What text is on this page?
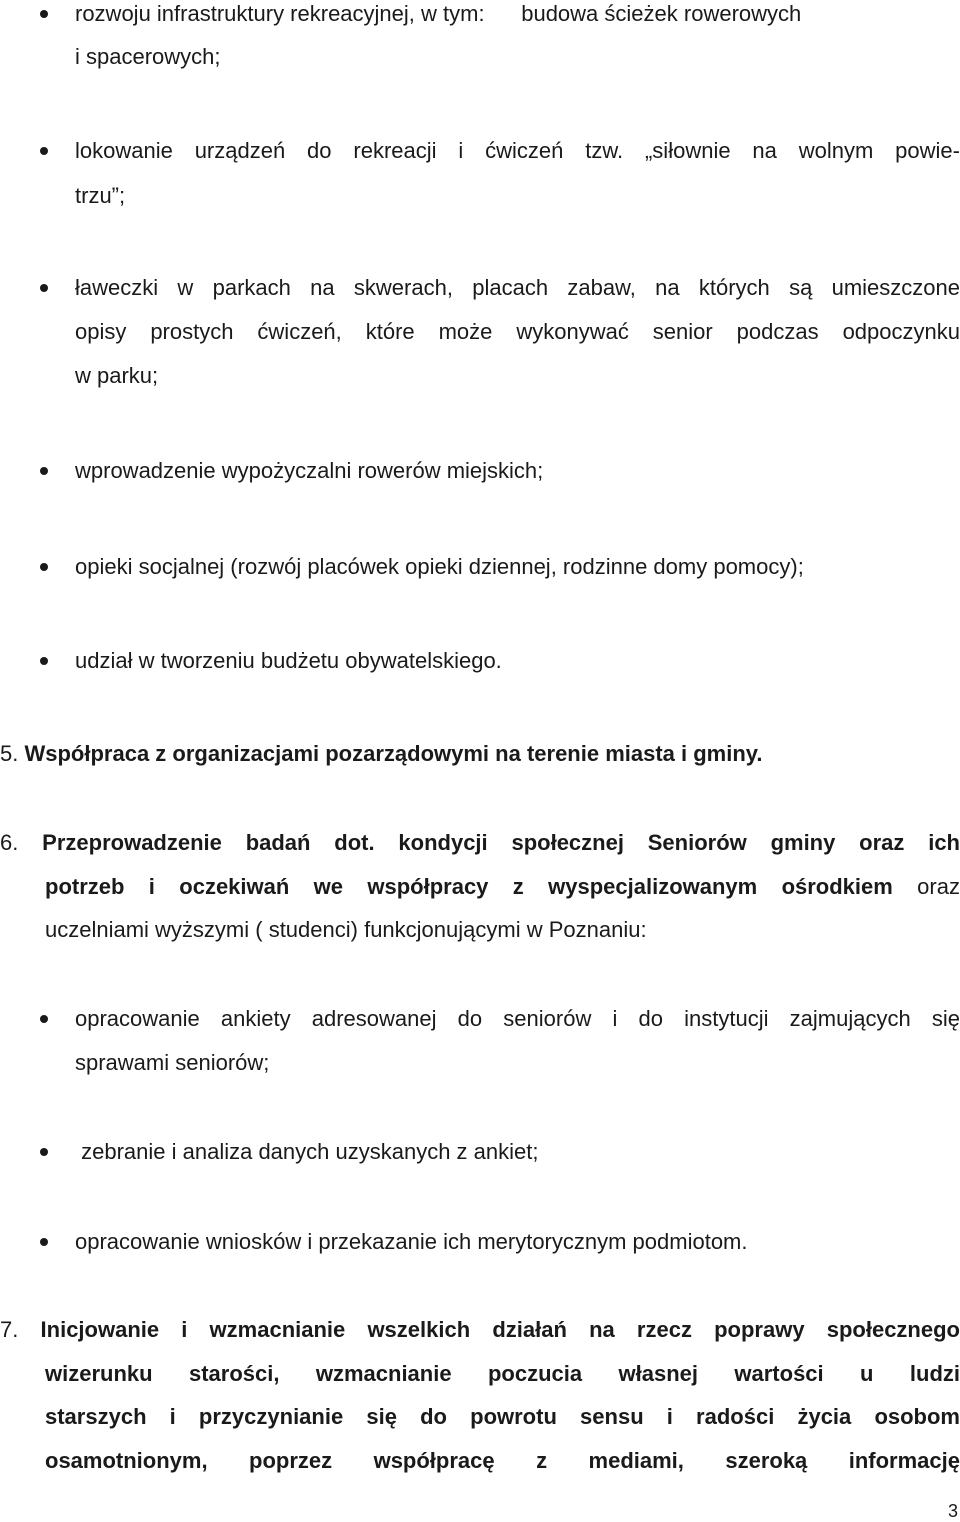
rozwoju infrastruktury rekreacyjnej, w tym:      budowa ścieżek rowerowych

i spacerowych;

lokowanie urządzeń do rekreacji i ćwiczeń tzw. „siłownie na wolnym powie-

trzu”;

ławeczki w parkach na skwerach, placach zabaw, na których są umieszczone

opisy prostych ćwiczeń, które może wykonywać senior podczas odpoczynku

w parku;

wprowadzenie wypożyczalni rowerów miejskich;

opieki socjalnej (rozwój placówek opieki dziennej, rodzinne domy pomocy);

udział w tworzeniu budżetu obywatelskiego.

5. Współpraca z organizacjami pozarządowymi na terenie miasta i gminy.

6. Przeprowadzenie badań dot. kondycji społecznej Seniorów gminy oraz ich

potrzeb i oczekiwań we współpracy z wyspecjalizowanym ośrodkiem oraz

uczelniami wyższymi ( studenci) funkcjonującymi w Poznaniu:

opracowanie ankiety adresowanej do seniorów i do instytucji zajmujących się

sprawami seniorów;

zebranie i analiza danych uzyskanych z ankiet;

opracowanie wniosków i przekazanie ich merytorycznym podmiotom.

7. Inicjowanie i wzmacnianie wszelkich działań na rzecz poprawy społecznego

wizerunku starości, wzmacnianie poczucia własnej wartości u ludzi

starszych i przyczynianie się do powrotu sensu i radości życia osobom

osamotnionym, poprzez współpracę z mediami, szeroką informację

3
